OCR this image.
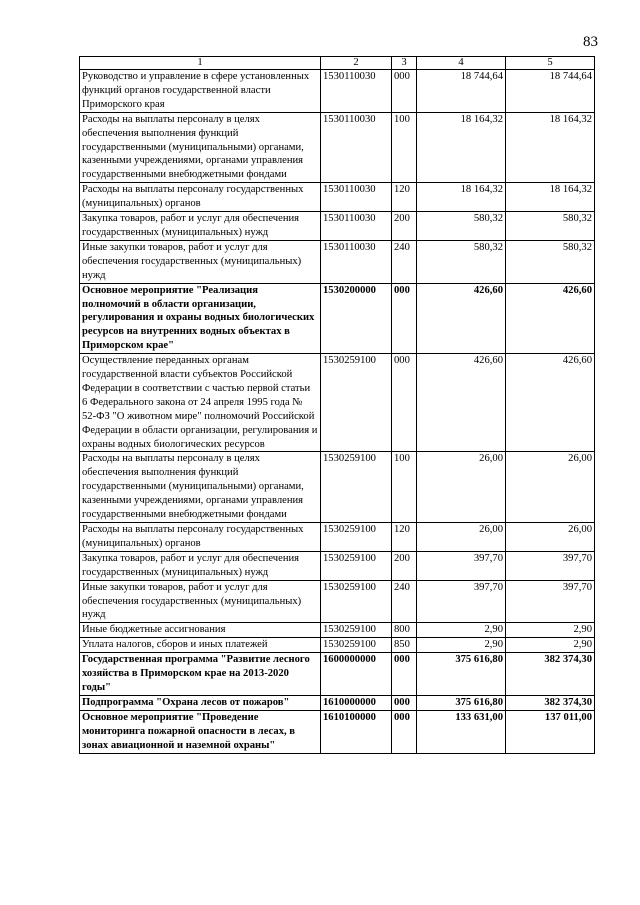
83
1	2	3	4	5
Руководство и управление в сфере установленных функций органов государственной власти Приморского края	1530110030	000	18 744,64	18 744,64
Расходы на выплаты персоналу в целях обеспечения выполнения функций государственными (муниципальными) органами, казенными учреждениями, органами управления государственными внебюджетными фондами	1530110030	100	18 164,32	18 164,32
Расходы на выплаты персоналу государственных (муниципальных) органов	1530110030	120	18 164,32	18 164,32
Закупка товаров, работ и услуг для обеспечения государственных (муниципальных) нужд	1530110030	200	580,32	580,32
Иные закупки товаров, работ и услуг для обеспечения государственных (муниципальных) нужд	1530110030	240	580,32	580,32
Основное мероприятие "Реализация полномочий в области организации, регулирования и охраны водных биологических ресурсов на внутренних водных объектах в Приморском крае"	1530200000	000	426,60	426,60
Осуществление переданных органам государственной власти субъектов Российской Федерации в соответствии с частью первой статьи 6 Федерального закона от 24 апреля 1995 года № 52-ФЗ "О животном мире" полномочий Российской Федерации в области организации, регулирования и охраны водных биологических ресурсов	1530259100	000	426,60	426,60
Расходы на выплаты персоналу в целях обеспечения выполнения функций государственными (муниципальными) органами, казенными учреждениями, органами управления государственными внебюджетными фондами	1530259100	100	26,00	26,00
Расходы на выплаты персоналу государственных (муниципальных) органов	1530259100	120	26,00	26,00
Закупка товаров, работ и услуг для обеспечения государственных (муниципальных) нужд	1530259100	200	397,70	397,70
Иные закупки товаров, работ и услуг для обеспечения государственных (муниципальных) нужд	1530259100	240	397,70	397,70
Иные бюджетные ассигнования	1530259100	800	2,90	2,90
Уплата налогов, сборов и иных платежей	1530259100	850	2,90	2,90
Государственная программа "Развитие лесного хозяйства в Приморском крае на 2013-2020 годы"	1600000000	000	375 616,80	382 374,30
Подпрограмма "Охрана лесов от пожаров"	1610000000	000	375 616,80	382 374,30
Основное мероприятие "Проведение мониторинга пожарной опасности в лесах, в зонах авиационной и наземной охраны"	1610100000	000	133 631,00	137 011,00
